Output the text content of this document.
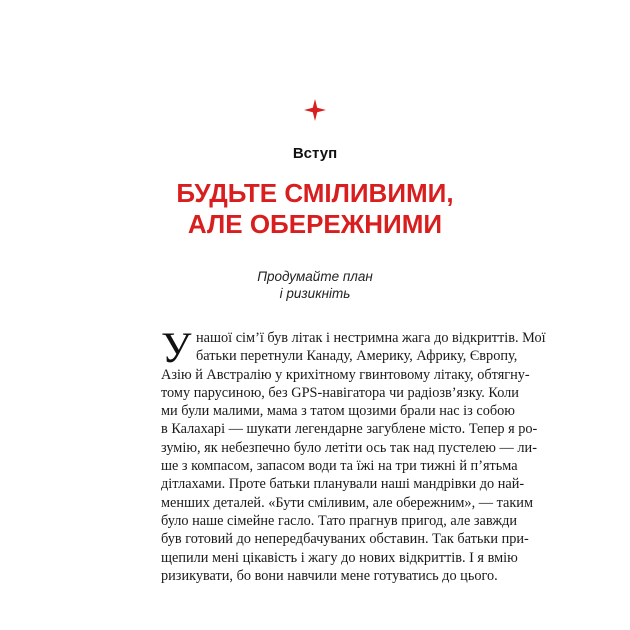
Вступ
БУДЬТЕ СМІЛИВИМИ,
АЛЕ ОБЕРЕЖНИМИ
Продумайте план
і ризикніть
У нашої сім’ї був літак і нестримна жага до відкриттів. Мої
батьки перетнули Канаду, Америку, Африку, Європу,
Азію й Австралію у крихітному гвинтовому літаку, обтягну-
тому парусиною, без GPS-навігатора чи радіозв’язку. Коли
ми були малими, мама з татом щозими брали нас із собою
в Калахарі — шукати легендарне загублене місто. Тепер я ро-
зумію, як небезпечно було летіти ось так над пустелею — ли-
ше з компасом, запасом води та їжі на три тижні й п’ятьма
дітлахами. Проте батьки планували наші мандрівки до най-
менших деталей. «Бути сміливим, але обережним», — таким
було наше сімейне гасло. Тато прагнув пригод, але завжди
був готовий до непередбачуваних обставин. Так батьки при-
щепили мені цікавість і жагу до нових відкриттів. І я вмію
ризикувати, бо вони навчили мене готуватись до цього.
